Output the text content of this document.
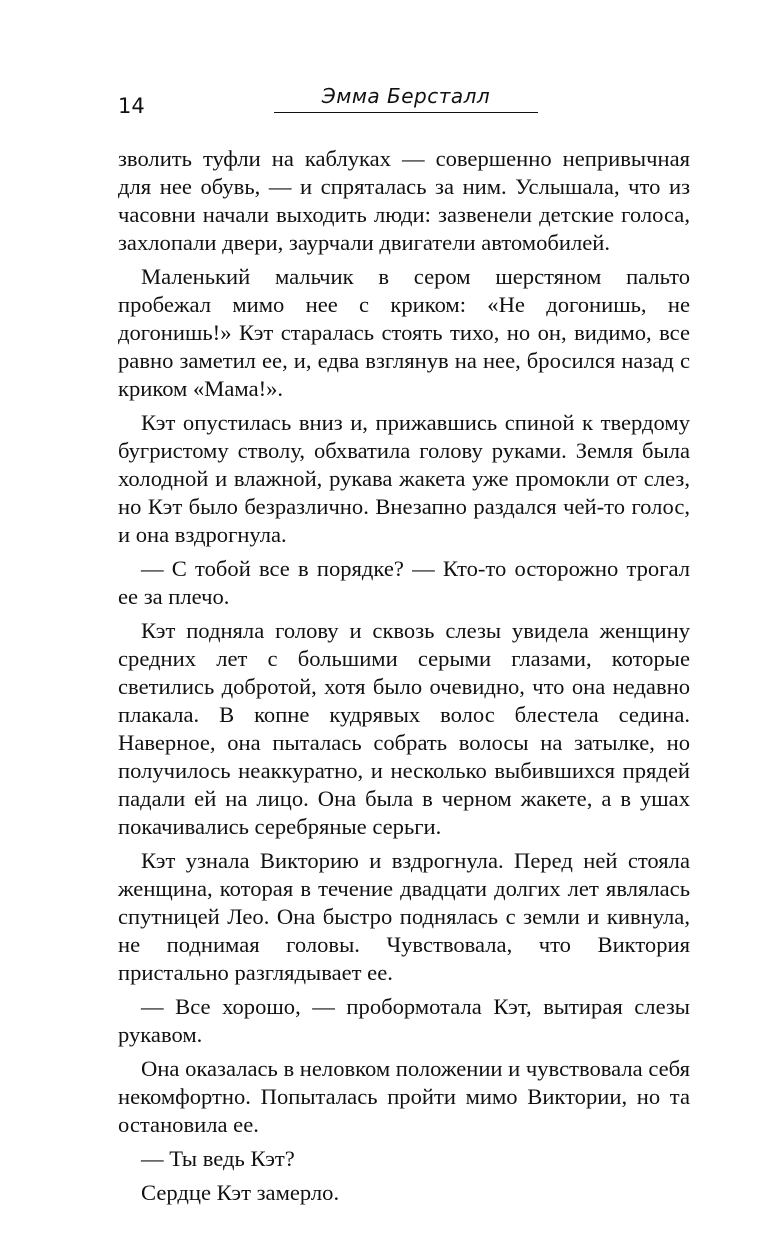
14	Эмма Берсталл

зволить туфли на каблуках — совершенно непривычная для нее обувь, — и спряталась за ним. Услышала, что из часовни начали выходить люди: зазвенели детские голоса, захлопали двери, заурчали двигатели автомобилей.

Маленький мальчик в сером шерстяном пальто пробежал мимо нее с криком: «Не догонишь, не догонишь!» Кэт старалась стоять тихо, но он, видимо, все равно заметил ее, и, едва взглянув на нее, бросился назад с криком «Мама!».

Кэт опустилась вниз и, прижавшись спиной к твердому бугристому стволу, обхватила голову руками. Земля была холодной и влажной, рукава жакета уже промокли от слез, но Кэт было безразлично. Внезапно раздался чей-то голос, и она вздрогнула.

— С тобой все в порядке? — Кто-то осторожно трогал ее за плечо.

Кэт подняла голову и сквозь слезы увидела женщину средних лет с большими серыми глазами, которые светились добротой, хотя было очевидно, что она недавно плакала. В копне кудрявых волос блестела седина. Наверное, она пыталась собрать волосы на затылке, но получилось неаккуратно, и несколько выбившихся прядей падали ей на лицо. Она была в черном жакете, а в ушах покачивались серебряные серьги.

Кэт узнала Викторию и вздрогнула. Перед ней стояла женщина, которая в течение двадцати долгих лет являлась спутницей Лео. Она быстро поднялась с земли и кивнула, не поднимая головы. Чувствовала, что Виктория пристально разглядывает ее.

— Все хорошо, — пробормотала Кэт, вытирая слезы рукавом.

Она оказалась в неловком положении и чувствовала себя некомфортно. Попыталась пройти мимо Виктории, но та остановила ее.

— Ты ведь Кэт?

Сердце Кэт замерло.
